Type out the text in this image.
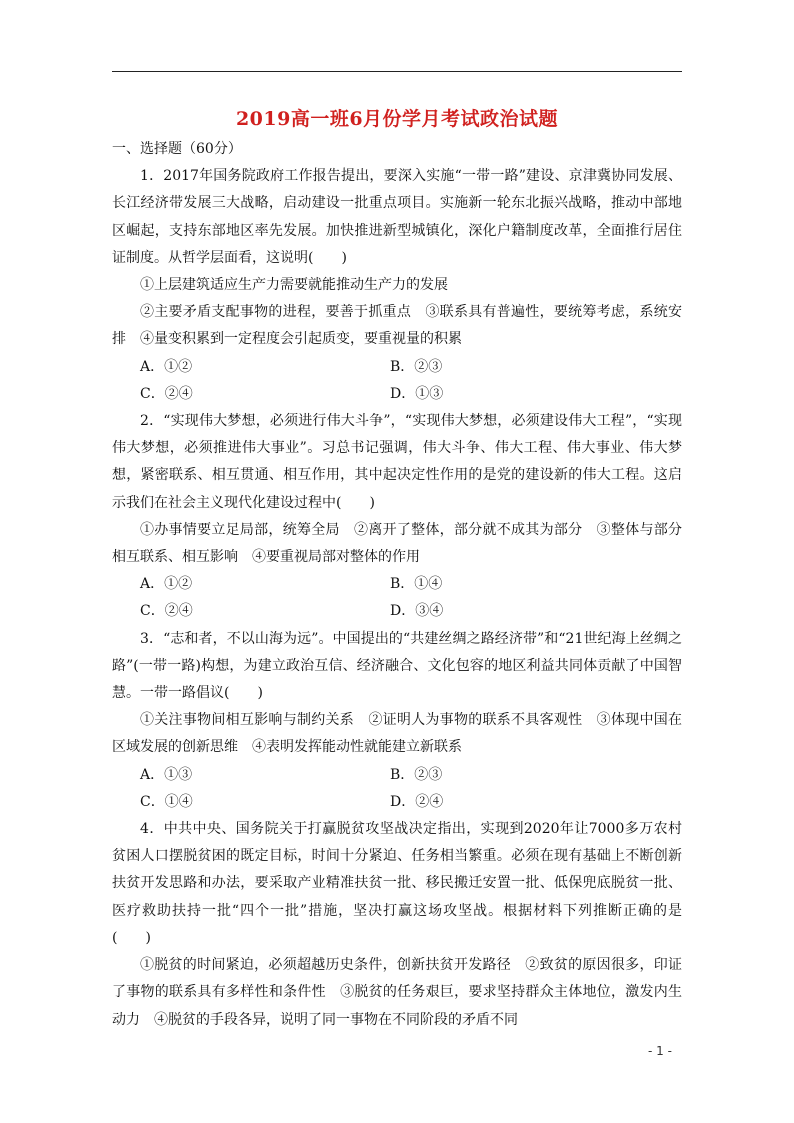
2019高一班6月份学月考试政治试题

一、选择题（60分）

1．2017年国务院政府工作报告提出，要深入实施“一带一路”建设、京津冀协同发展、长江经济带发展三大战略，启动建设一批重点项目。实施新一轮东北振兴战略，推动中部地区崛起，支持东部地区率先发展。加快推进新型城镇化，深化户籍制度改革，全面推行居住证制度。从哲学层面看，这说明(　　)

①上层建筑适应生产力需要就能推动生产力的发展

②主要矛盾支配事物的进程，要善于抓重点　③联系具有普遍性，要统筹考虑，系统安排　④量变积累到一定程度会引起质变，要重视量的积累

A．①②	B．②③
C．②④	D．①③

2．“实现伟大梦想，必须进行伟大斗争”，“实现伟大梦想，必须建设伟大工程”，“实现伟大梦想，必须推进伟大事业”。习总书记强调，伟大斗争、伟大工程、伟大事业、伟大梦想，紧密联系、相互贯通、相互作用，其中起决定性作用的是党的建设新的伟大工程。这启示我们在社会主义现代化建设过程中(　　)

①办事情要立足局部，统筹全局　②离开了整体，部分就不成其为部分　③整体与部分相互联系、相互影响　④要重视局部对整体的作用

A．①②	B．①④
C．②④	D．③④

3．“志和者，不以山海为远”。中国提出的“共建丝绸之路经济带”和“21世纪海上丝绸之路”(一带一路)构想，为建立政治互信、经济融合、文化包容的地区利益共同体贡献了中国智慧。一带一路倡议(　　)

①关注事物间相互影响与制约关系　②证明人为事物的联系不具客观性　③体现中国在区域发展的创新思维　④表明发挥能动性就能建立新联系

A．①③	B．②③
C．①④	D．②④

4．中共中央、国务院关于打赢脱贫攻坚战决定指出，实现到2020年让7000多万农村贫困人口摆脱贫困的既定目标，时间十分紧迫、任务相当繁重。必须在现有基础上不断创新扶贫开发思路和办法，要采取产业精准扶贫一批、移民搬迁安置一批、低保兜底脱贫一批、医疗救助扶持一批“四个一批”措施，坚决打赢这场攻坚战。根据材料下列推断正确的是(　　)

①脱贫的时间紧迫，必须超越历史条件，创新扶贫开发路径　②致贫的原因很多，印证了事物的联系具有多样性和条件性　③脱贫的任务艰巨，要求坚持群众主体地位，激发内生动力　④脱贫的手段各异，说明了同一事物在不同阶段的矛盾不同

- 1 -
